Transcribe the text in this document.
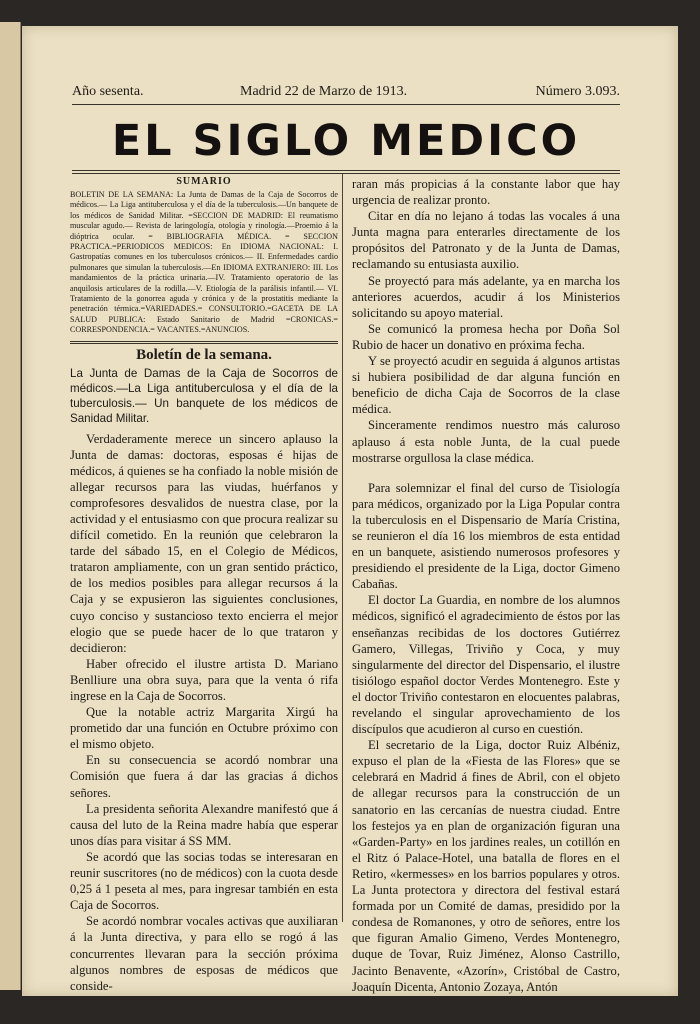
Año sesenta.	Madrid 22 de Marzo de 1913.	Número 3.093.
EL SIGLO MEDICO
SUMARIO

BOLETIN DE LA SEMANA: La Junta de Damas de la Caja de Socorros de médicos.— La Liga antituberculosa y el día de la tuberculosis.—Un banquete de los médicos de Sanidad Militar. =SECCION DE MADRID: El reumatismo muscular agudo.— Revista de laringología, otología y rinología.—Proemio á la dióptrica ocular. = BIBLIOGRAFIA MÉDICA. = SECCION PRACTICA.=PERIODICOS MEDICOS: En IDIOMA NACIONAL: I. Gastropatías comunes en los tuberculosos crónicos.— II. Enfermedades cardio pulmonares que simulan la tuberculosis.—En IDIOMA EXTRANJERO: III. Los mandamientos de la práctica urinaria.—IV. Tratamiento operatorio de las anquilosis articulares de la rodilla.—V. Etiología de la parálisis infantil.— VI. Tratamiento de la gonorrea aguda y crónica y de la prostatitis mediante la penetración térmica.=VARIEDADES.= CONSULTORIO.=GACETA DE LA SALUD PUBLICA: Estado Sanitario de Madrid =CRONICAS.= CORRESPONDENCIA.= VACANTES.=ANUNCIOS.

Boletín de la semana.

La Junta de Damas de la Caja de Socorros de médicos.—La Liga antituberculosa y el día de la tuberculosis.— Un banquete de los médicos de Sanidad Militar.

Verdaderamente merece un sincero aplauso la Junta de damas: doctoras, esposas é hijas de médicos, á quienes se ha confiado la noble misión de allegar recursos para las viudas, huérfanos y comprofesores desvalidos de nuestra clase, por la actividad y el entusiasmo con que procura realizar su difícil cometido. En la reunión que celebraron la tarde del sábado 15, en el Colegio de Médicos, trataron ampliamente, con un gran sentido práctico, de los medios posibles para allegar recursos á la Caja y se expusieron las siguientes conclusiones, cuyo conciso y sustancioso texto encierra el mejor elogio que se puede hacer de lo que trataron y decidieron:

Haber ofrecido el ilustre artista D. Mariano Benlliure una obra suya, para que la venta ó rifa ingrese en la Caja de Socorros.

Que la notable actriz Margarita Xirgú ha prometido dar una función en Octubre próximo con el mismo objeto.

En su consecuencia se acordó nombrar una Comisión que fuera á dar las gracias á dichos señores.

La presidenta señorita Alexandre manifestó que á causa del luto de la Reina madre había que esperar unos días para visitar á SS MM.

Se acordó que las socias todas se interesaran en reunir suscritores (no de médicos) con la cuota desde 0,25 á 1 peseta al mes, para ingresar también en esta Caja de Socorros.

Se acordó nombrar vocales activas que auxiliaran á la Junta directiva, y para ello se rogó á las concurrentes llevaran para la sección próxima algunos nombres de esposas de médicos que conside-

raran más propicias á la constante labor que hay urgencia de realizar pronto.

Citar en día no lejano á todas las vocales á una Junta magna para enterarles directamente de los propósitos del Patronato y de la Junta de Damas, reclamando su entusiasta auxilio.

Se proyectó para más adelante, ya en marcha los anteriores acuerdos, acudir á los Ministerios solicitando su apoyo material.

Se comunicó la promesa hecha por Doña Sol Rubio de hacer un donativo en próxima fecha.

Y se proyectó acudir en seguida á algunos artistas si hubiera posibilidad de dar alguna función en beneficio de dicha Caja de Socorros de la clase médica.

Sinceramente rendimos nuestro más caluroso aplauso á esta noble Junta, de la cual puede mostrarse orgullosa la clase médica.

Para solemnizar el final del curso de Tisiología para médicos, organizado por la Liga Popular contra la tuberculosis en el Dispensario de María Cristina, se reunieron el día 16 los miembros de esta entidad en un banquete, asistiendo numerosos profesores y presidiendo el presidente de la Liga, doctor Gimeno Cabañas.

El doctor La Guardia, en nombre de los alumnos médicos, significó el agradecimiento de éstos por las enseñanzas recibidas de los doctores Gutiérrez Gamero, Villegas, Triviño y Coca, y muy singularmente del director del Dispensario, el ilustre tisiólogo español doctor Verdes Montenegro. Este y el doctor Triviño contestaron en elocuentes palabras, revelando el singular aprovechamiento de los discípulos que acudieron al curso en cuestión.

El secretario de la Liga, doctor Ruiz Albéniz, expuso el plan de la «Fiesta de las Flores» que se celebrará en Madrid á fines de Abril, con el objeto de allegar recursos para la construcción de un sanatorio en las cercanías de nuestra ciudad. Entre los festejos ya en plan de organización figuran una «Garden-Party» en los jardines reales, un cotillón en el Ritz ó Palace-Hotel, una batalla de flores en el Retiro, «kermesses» en los barrios populares y otros. La Junta protectora y directora del festival estará formada por un Comité de damas, presidido por la condesa de Romanones, y otro de señores, entre los que figuran Amalio Gimeno, Verdes Montenegro, duque de Tovar, Ruiz Jiménez, Alonso Castrillo, Jacinto Benavente, «Azorín», Cristóbal de Castro, Joaquín Dicenta, Antonio Zozaya, Antón
